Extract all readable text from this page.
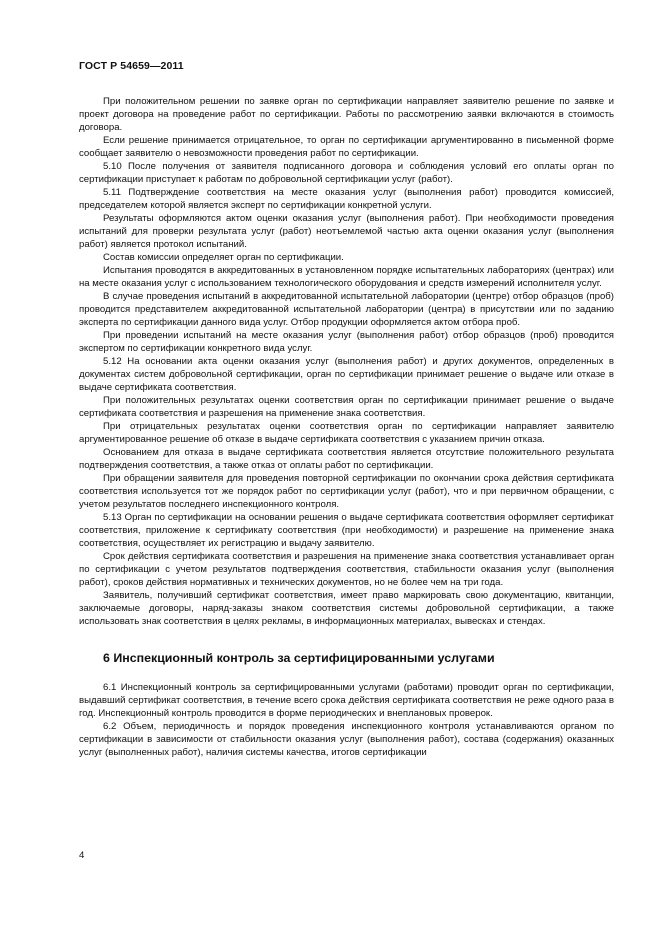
ГОСТ Р 54659—2011

При положительном решении по заявке орган по сертификации направляет заявителю решение по заявке и проект договора на проведение работ по сертификации. Работы по рассмотрению заявки включаются в стоимость договора.

Если решение принимается отрицательное, то орган по сертификации аргументированно в письменной форме сообщает заявителю о невозможности проведения работ по сертификации.

5.10 После получения от заявителя подписанного договора и соблюдения условий его оплаты орган по сертификации приступает к работам по добровольной сертификации услуг (работ).

5.11 Подтверждение соответствия на месте оказания услуг (выполнения работ) проводится комиссией, председателем которой является эксперт по сертификации конкретной услуги.

Результаты оформляются актом оценки оказания услуг (выполнения работ). При необходимости проведения испытаний для проверки результата услуг (работ) неотъемлемой частью акта оценки оказания услуг (выполнения работ) является протокол испытаний.

Состав комиссии определяет орган по сертификации.

Испытания проводятся в аккредитованных в установленном порядке испытательных лабораториях (центрах) или на месте оказания услуг с использованием технологического оборудования и средств измерений исполнителя услуг.

В случае проведения испытаний в аккредитованной испытательной лаборатории (центре) отбор образцов (проб) проводится представителем аккредитованной испытательной лаборатории (центра) в присутствии или по заданию эксперта по сертификации данного вида услуг. Отбор продукции оформляется актом отбора проб.

При проведении испытаний на месте оказания услуг (выполнения работ) отбор образцов (проб) проводится экспертом по сертификации конкретного вида услуг.

5.12 На основании акта оценки оказания услуг (выполнения работ) и других документов, определенных в документах систем добровольной сертификации, орган по сертификации принимает решение о выдаче или отказе в выдаче сертификата соответствия.

При положительных результатах оценки соответствия орган по сертификации принимает решение о выдаче сертификата соответствия и разрешения на применение знака соответствия.

При отрицательных результатах оценки соответствия орган по сертификации направляет заявителю аргументированное решение об отказе в выдаче сертификата соответствия с указанием причин отказа.

Основанием для отказа в выдаче сертификата соответствия является отсутствие положительного результата подтверждения соответствия, а также отказ от оплаты работ по сертификации.

При обращении заявителя для проведения повторной сертификации по окончании срока действия сертификата соответствия используется тот же порядок работ по сертификации услуг (работ), что и при первичном обращении, с учетом результатов последнего инспекционного контроля.

5.13 Орган по сертификации на основании решения о выдаче сертификата соответствия оформляет сертификат соответствия, приложение к сертификату соответствия (при необходимости) и разрешение на применение знака соответствия, осуществляет их регистрацию и выдачу заявителю.

Срок действия сертификата соответствия и разрешения на применение знака соответствия устанавливает орган по сертификации с учетом результатов подтверждения соответствия, стабильности оказания услуг (выполнения работ), сроков действия нормативных и технических документов, но не более чем на три года.

Заявитель, получивший сертификат соответствия, имеет право маркировать свою документацию, квитанции, заключаемые договоры, наряд-заказы знаком соответствия системы добровольной сертификации, а также использовать знак соответствия в целях рекламы, в информационных материалах, вывесках и стендах.

6 Инспекционный контроль за сертифицированными услугами

6.1 Инспекционный контроль за сертифицированными услугами (работами) проводит орган по сертификации, выдавший сертификат соответствия, в течение всего срока действия сертификата соответствия не реже одного раза в год. Инспекционный контроль проводится в форме периодических и внеплановых проверок.

6.2 Объем, периодичность и порядок проведения инспекционного контроля устанавливаются органом по сертификации в зависимости от стабильности оказания услуг (выполнения работ), состава (содержания) оказанных услуг (выполненных работ), наличия системы качества, итогов сертификации

4
